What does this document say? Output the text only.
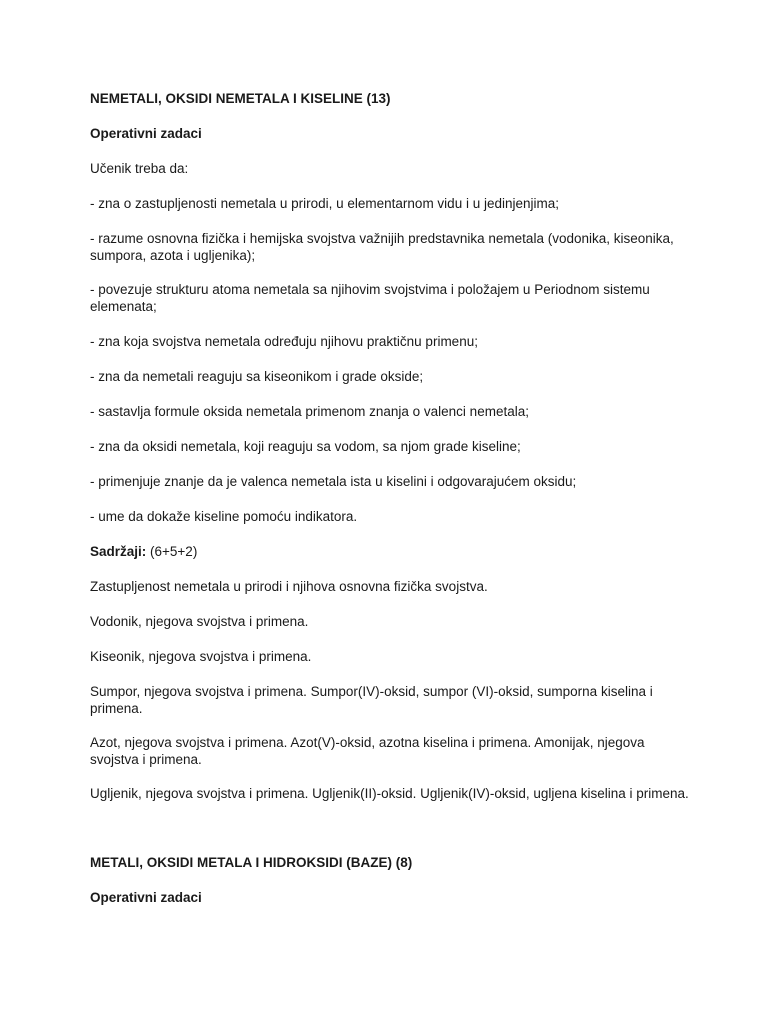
NEMETALI, OKSIDI NEMETALA I KISELINE (13)

Operativni zadaci

Učenik treba da:

- zna o zastupljenosti nemetala u prirodi, u elementarnom vidu i u jedinjenjima;

- razume osnovna fizička i hemijska svojstva važnijih predstavnika nemetala (vodonika, kiseonika, sumpora, azota i ugljenika);

- povezuje strukturu atoma nemetala sa njihovim svojstvima i položajem u Periodnom sistemu elemenata;

- zna koja svojstva nemetala određuju njihovu praktičnu primenu;

- zna da nemetali reaguju sa kiseonikom i grade okside;

- sastavlja formule oksida nemetala primenom znanja o valenci nemetala;

- zna da oksidi nemetala, koji reaguju sa vodom, sa njom grade kiseline;

- primenjuje znanje da je valenca nemetala ista u kiselini i odgovarajućem oksidu;

- ume da dokaže kiseline pomoću indikatora.

Sadržaji: (6+5+2)

Zastupljenost nemetala u prirodi i njihova osnovna fizička svojstva.

Vodonik, njegova svojstva i primena.

Kiseonik, njegova svojstva i primena.

Sumpor, njegova svojstva i primena. Sumpor(IV)-oksid, sumpor (VI)-oksid, sumporna kiselina i primena.

Azot, njegova svojstva i primena. Azot(V)-oksid, azotna kiselina i primena. Amonijak, njegova svojstva i primena.

Ugljenik, njegova svojstva i primena. Ugljenik(II)-oksid. Ugljenik(IV)-oksid, ugljena kiselina i primena.

METALI, OKSIDI METALA I HIDROKSIDI (BAZE) (8)

Operativni zadaci
